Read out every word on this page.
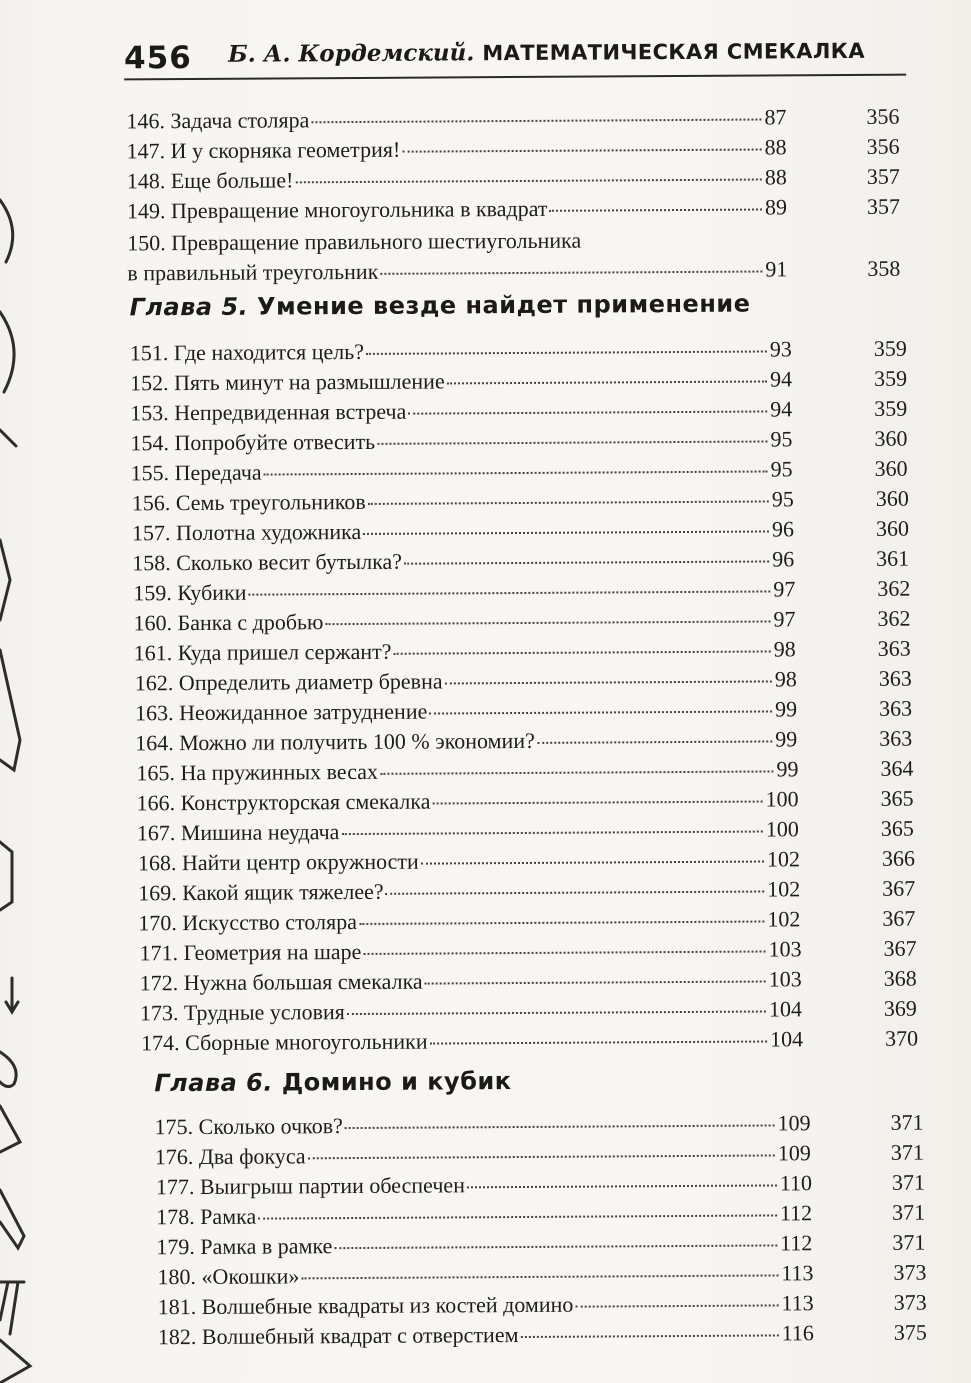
456 Б. А. Кордемский. МАТЕМАТИЧЕСКАЯ СМЕКАЛКА
146. Задача столяра	87	356
147. И у скорняка геометрия!	88	356
148. Еще больше!	88	357
149. Превращение многоугольника в квадрат	89	357
150. Превращение правильного шестиугольника
в правильный треугольник	91	358
Глава 5. Умение везде найдет применение
151. Где находится цель?	93	359
152. Пять минут на размышление	94	359
153. Непредвиденная встреча	94	359
154. Попробуйте отвесить	95	360
155. Передача	95	360
156. Семь треугольников	95	360
157. Полотна художника	96	360
158. Сколько весит бутылка?	96	361
159. Кубики	97	362
160. Банка с дробью	97	362
161. Куда пришел сержант?	98	363
162. Определить диаметр бревна	98	363
163. Неожиданное затруднение	99	363
164. Можно ли получить 100 % экономии?	99	363
165. На пружинных весах	99	364
166. Конструкторская смекалка	100	365
167. Мишина неудача	100	365
168. Найти центр окружности	102	366
169. Какой ящик тяжелее?	102	367
170. Искусство столяра	102	367
171. Геометрия на шаре	103	367
172. Нужна большая смекалка	103	368
173. Трудные условия	104	369
174. Сборные многоугольники	104	370
Глава 6. Домино и кубик
175. Сколько очков?	109	371
176. Два фокуса	109	371
177. Выигрыш партии обеспечен	110	371
178. Рамка	112	371
179. Рамка в рамке	112	371
180. «Окошки»	113	373
181. Волшебные квадраты из костей домино	113	373
182. Волшебный квадрат с отверстием	116	375
